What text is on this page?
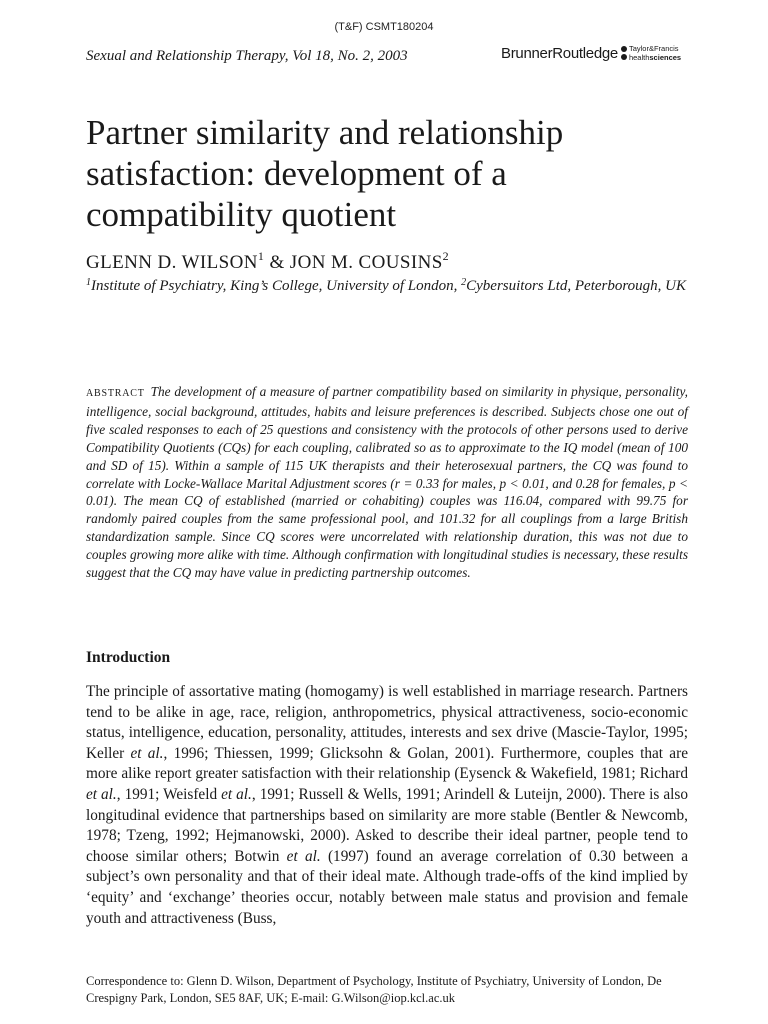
(T&F) CSMT180204
Sexual and Relationship Therapy, Vol 18, No. 2, 2003	BrunnerRoutledge Taylor&Francis
healthsciences
Partner similarity and relationship satisfaction: development of a compatibility quotient
GLENN D. WILSON$^1$ & JON M. COUSINS$^2$
$^1$Institute of Psychiatry, King’s College, University of London, $^2$Cybersuitors Ltd, Peterborough, UK
ABSTRACT The development of a measure of partner compatibility based on similarity in physique, personality, intelligence, social background, attitudes, habits and leisure preferences is described. Subjects chose one out of five scaled responses to each of 25 questions and consistency with the protocols of other persons used to derive Compatibility Quotients (CQs) for each coupling, calibrated so as to approximate to the IQ model (mean of 100 and SD of 15). Within a sample of 115 UK therapists and their heterosexual partners, the CQ was found to correlate with Locke-Wallace Marital Adjustment scores (r = 0.33 for males, p < 0.01, and 0.28 for females, p < 0.01). The mean CQ of established (married or cohabiting) couples was 116.04, compared with 99.75 for randomly paired couples from the same professional pool, and 101.32 for all couplings from a large British standardization sample. Since CQ scores were uncorrelated with relationship duration, this was not due to couples growing more alike with time. Although confirmation with longitudinal studies is necessary, these results suggest that the CQ may have value in predicting partnership outcomes.
Introduction
The principle of assortative mating (homogamy) is well established in marriage research. Partners tend to be alike in age, race, religion, anthropometrics, physical attractiveness, socio-economic status, intelligence, education, personality, attitudes, interests and sex drive (Mascie-Taylor, 1995; Keller et al., 1996; Thiessen, 1999; Glicksohn & Golan, 2001). Furthermore, couples that are more alike report greater satisfaction with their relationship (Eysenck & Wakefield, 1981; Richard et al., 1991; Weisfeld et al., 1991; Russell & Wells, 1991; Arindell & Luteijn, 2000). There is also longitudinal evidence that partnerships based on similarity are more stable (Bentler & Newcomb, 1978; Tzeng, 1992; Hejmanowski, 2000). Asked to describe their ideal partner, people tend to choose similar others; Botwin et al. (1997) found an average correlation of 0.30 between a subject’s own personality and that of their ideal mate. Although trade-offs of the kind implied by ‘equity’ and ‘exchange’ theories occur, notably between male status and provision and female youth and attractiveness (Buss,
Correspondence to: Glenn D. Wilson, Department of Psychology, Institute of Psychiatry, University of London, De Crespigny Park, London, SE5 8AF, UK; E-mail: G.Wilson@iop.kcl.ac.uk
